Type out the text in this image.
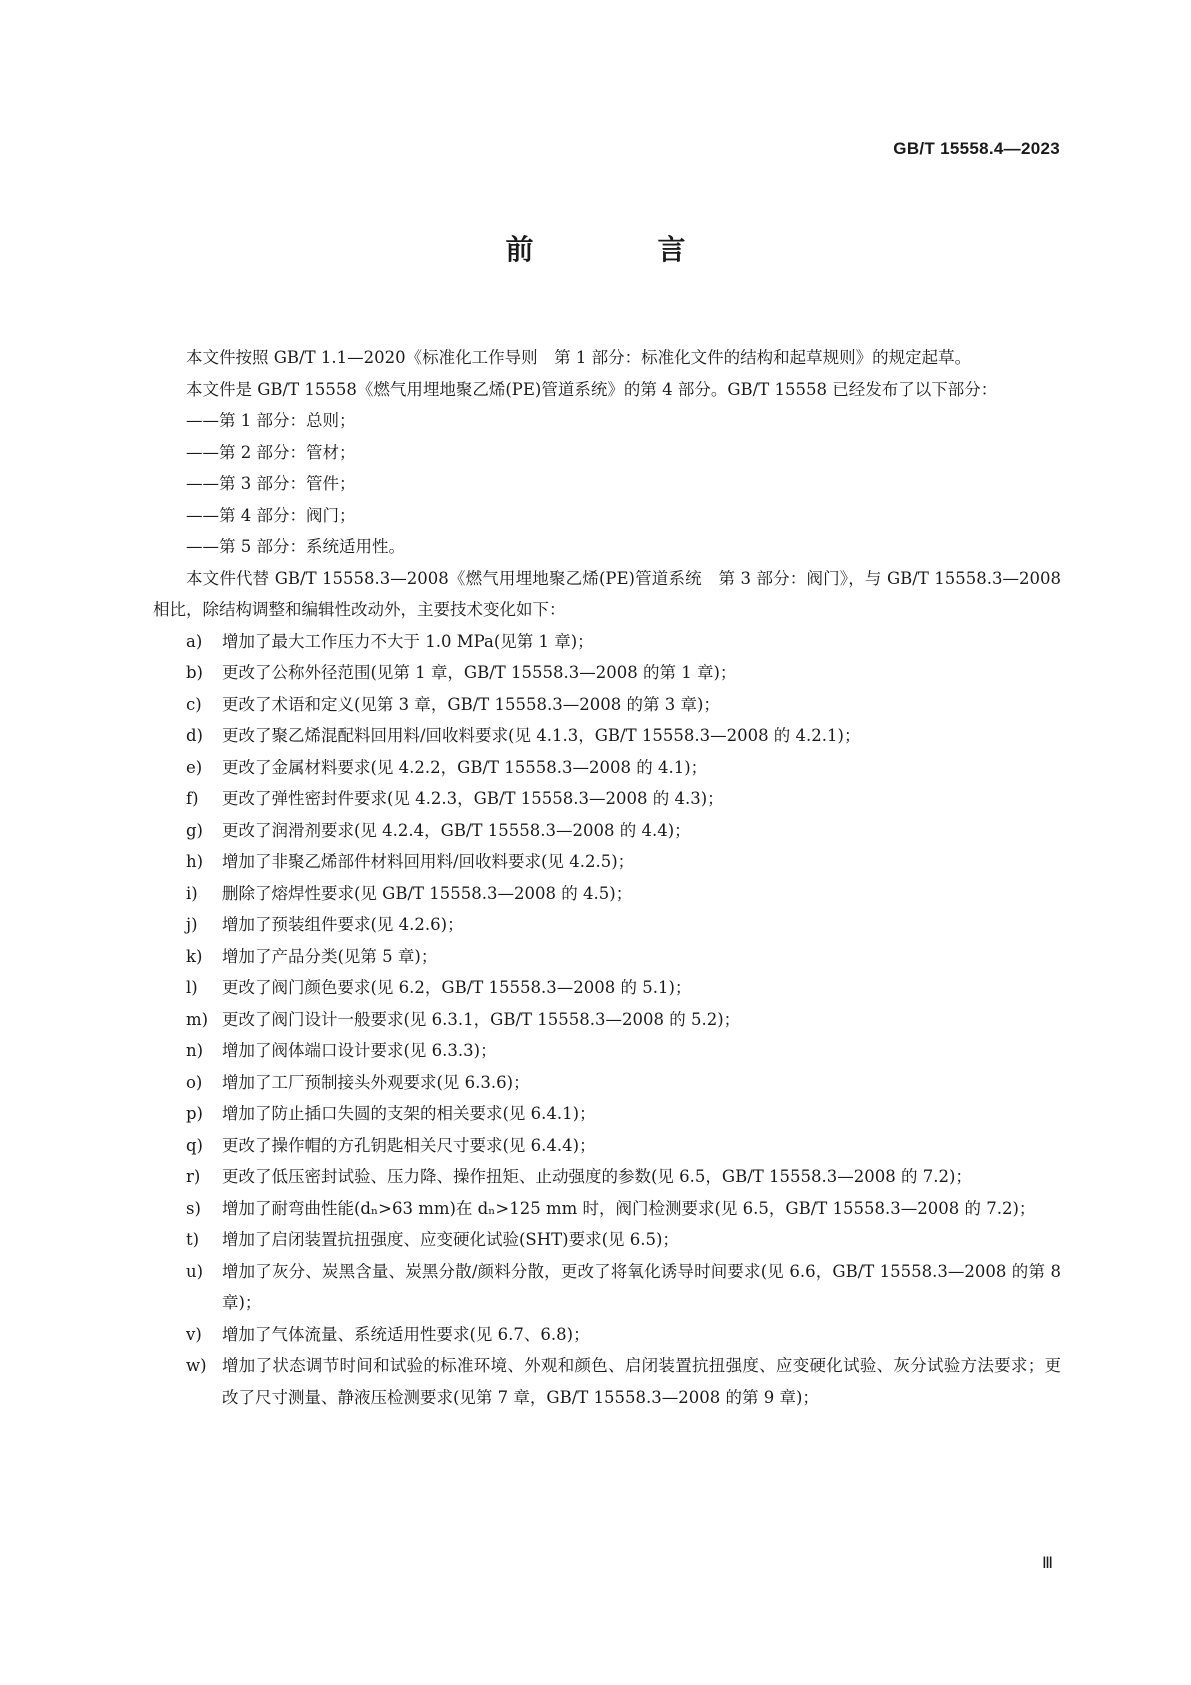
GB/T 15558.4—2023
前　言

本文件按照 GB/T 1.1—2020《标准化工作导则　第 1 部分：标准化文件的结构和起草规则》的规定起草。

本文件是 GB/T 15558《燃气用埋地聚乙烯(PE)管道系统》的第 4 部分。GB/T 15558 已经发布了以下部分：

——第 1 部分：总则；

——第 2 部分：管材；

——第 3 部分：管件；

——第 4 部分：阀门；

——第 5 部分：系统适用性。

本文件代替 GB/T 15558.3—2008《燃气用埋地聚乙烯(PE)管道系统　第 3 部分：阀门》，与 GB/T 15558.3—2008 相比，除结构调整和编辑性改动外，主要技术变化如下：

a) 增加了最大工作压力不大于 1.0 MPa(见第 1 章)；
b) 更改了公称外径范围(见第 1 章，GB/T 15558.3—2008 的第 1 章)；
c) 更改了术语和定义(见第 3 章，GB/T 15558.3—2008 的第 3 章)；
d) 更改了聚乙烯混配料回用料/回收料要求(见 4.1.3，GB/T 15558.3—2008 的 4.2.1)；
e) 更改了金属材料要求(见 4.2.2，GB/T 15558.3—2008 的 4.1)；
f) 更改了弹性密封件要求(见 4.2.3，GB/T 15558.3—2008 的 4.3)；
g) 更改了润滑剂要求(见 4.2.4，GB/T 15558.3—2008 的 4.4)；
h) 增加了非聚乙烯部件材料回用料/回收料要求(见 4.2.5)；
i) 删除了熔焊性要求(见 GB/T 15558.3—2008 的 4.5)；
j) 增加了预装组件要求(见 4.2.6)；
k) 增加了产品分类(见第 5 章)；
l) 更改了阀门颜色要求(见 6.2，GB/T 15558.3—2008 的 5.1)；
m) 更改了阀门设计一般要求(见 6.3.1，GB/T 15558.3—2008 的 5.2)；
n) 增加了阀体端口设计要求(见 6.3.3)；
o) 增加了工厂预制接头外观要求(见 6.3.6)；
p) 增加了防止插口失圆的支架的相关要求(见 6.4.1)；
q) 更改了操作帽的方孔钥匙相关尺寸要求(见 6.4.4)；
r) 更改了低压密封试验、压力降、操作扭矩、止动强度的参数(见 6.5，GB/T 15558.3—2008 的 7.2)；
s) 增加了耐弯曲性能(dₙ>63 mm)在 dₙ>125 mm 时，阀门检测要求(见 6.5，GB/T 15558.3—2008 的 7.2)；
t) 增加了启闭装置抗扭强度、应变硬化试验(SHT)要求(见 6.5)；
u) 增加了灰分、炭黑含量、炭黑分散/颜料分散，更改了将氧化诱导时间要求(见 6.6，GB/T 15558.3—2008 的第 8 章)；
v) 增加了气体流量、系统适用性要求(见 6.7、6.8)；
w) 增加了状态调节时间和试验的标准环境、外观和颜色、启闭装置抗扭强度、应变硬化试验、灰分试验方法要求；更改了尺寸测量、静液压检测要求(见第 7 章，GB/T 15558.3—2008 的第 9 章)；
Ⅲ
